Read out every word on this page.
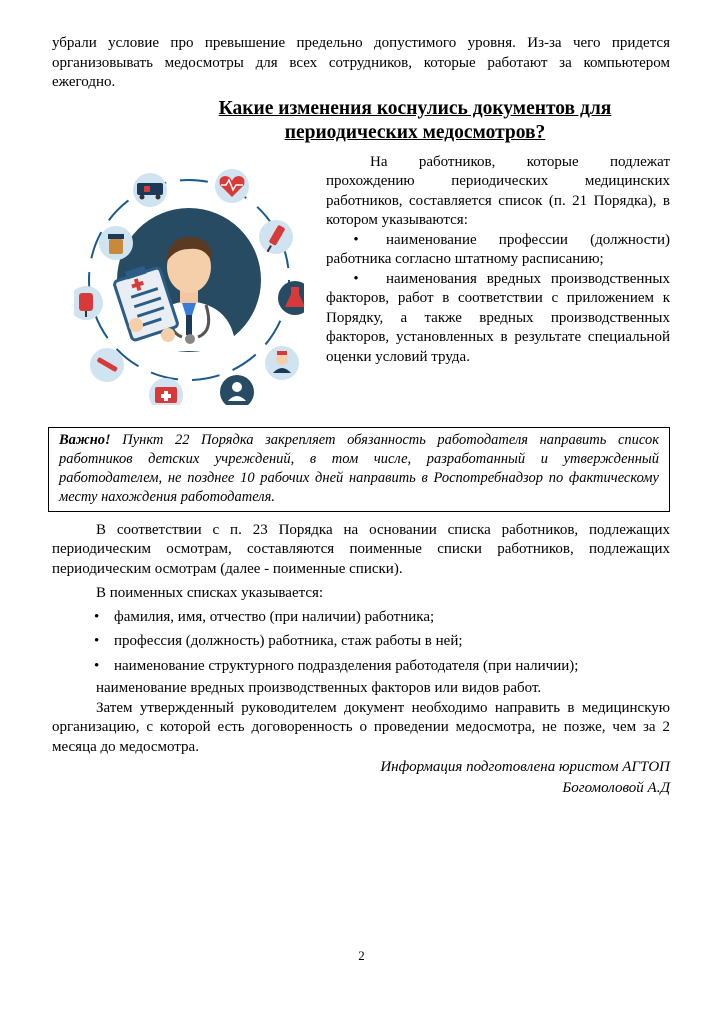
убрали условие про превышение предельно допустимого уровня. Из-за чего придется организовывать медосмотры для всех сотрудников, которые работают за компьютером ежегодно.

Какие изменения коснулись документов для периодических медосмотров?

На работников, которые подлежат прохождению периодических медицинских работников, составляется список (п. 21 Порядка), в котором указываются:

• наименование профессии (должности) работника согласно штатному расписанию;

• наименования вредных производственных факторов, работ в соответствии с приложением к Порядку, а также вредных производственных факторов, установленных в результате специальной оценки условий труда.

Важно! Пункт 22 Порядка закрепляет обязанность работодателя направить список работников детских учреждений, в том числе, разработанный и утвержденный работодателем, не позднее 10 рабочих дней направить в Роспотребнадзор по фактическому месту нахождения работодателя.

В соответствии с п. 23 Порядка на основании списка работников, подлежащих периодическим осмотрам, составляются поименные списки работников, подлежащих периодическим осмотрам (далее - поименные списки).

В поименных списках указывается:

• фамилия, имя, отчество (при наличии) работника;
• профессия (должность) работника, стаж работы в ней;
• наименование структурного подразделения работодателя (при наличии);

наименование вредных производственных факторов или видов работ.

Затем утвержденный руководителем документ необходимо направить в медицинскую организацию, с которой есть договоренность о проведении медосмотра, не позже, чем за 2 месяца до медосмотра.

Информация подготовлена юристом АГТОП
Богомоловой А.Д
2
